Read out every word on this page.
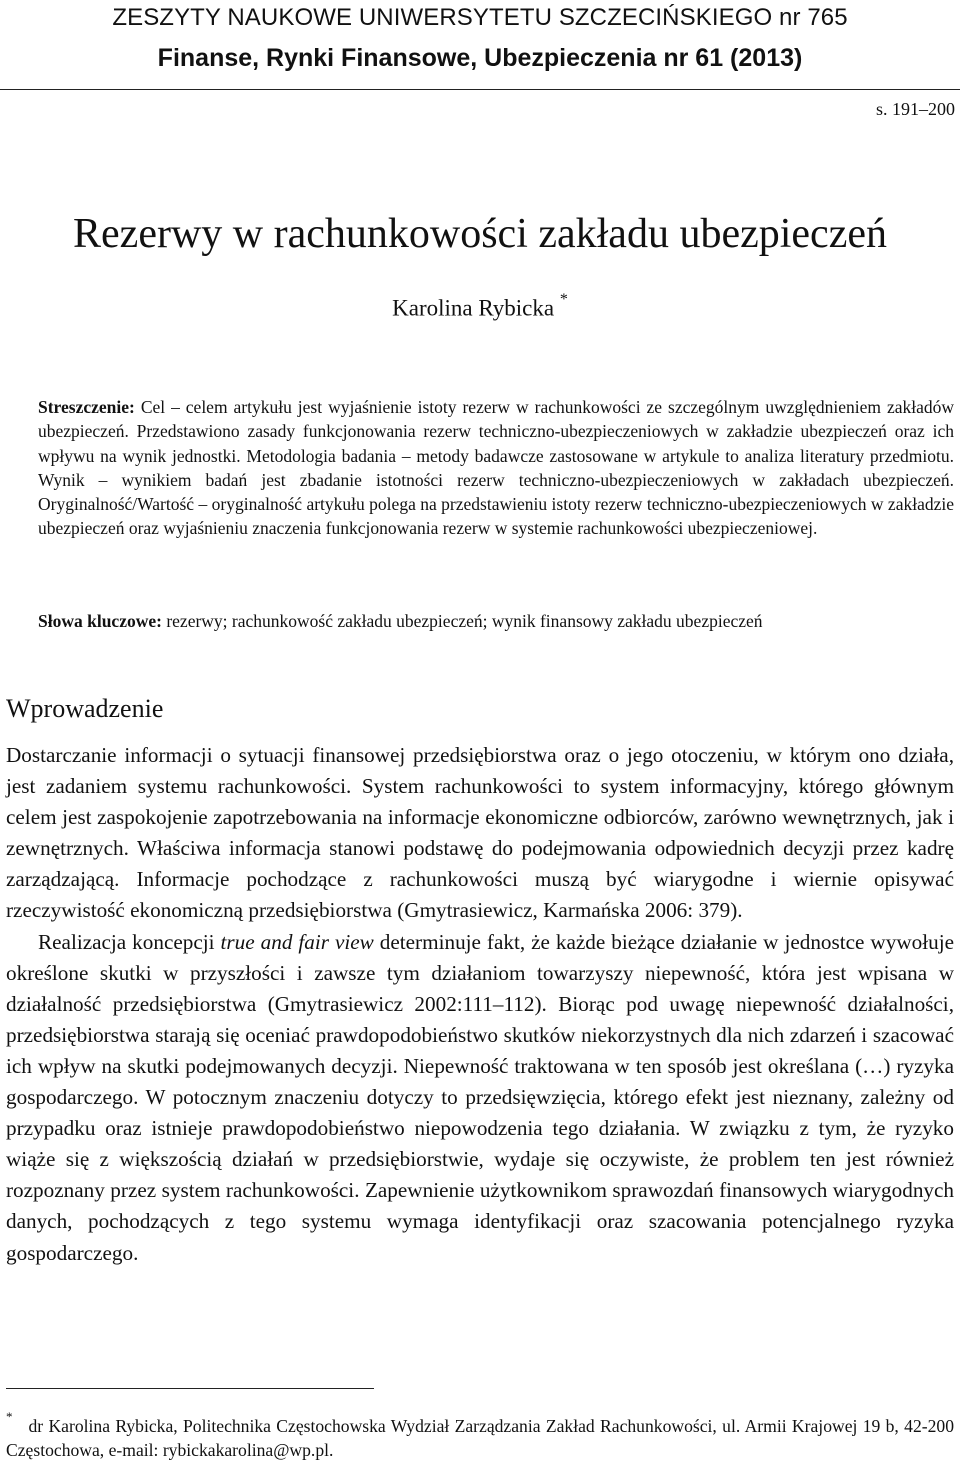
ZESZYTY NAUKOWE UNIWERSYTETU SZCZECIŃSKIEGO nr 765
Finanse, Rynki Finansowe, Ubezpieczenia nr 61 (2013)
s. 191–200
Rezerwy w rachunkowości zakładu ubezpieczeń
Karolina Rybicka *
Streszczenie: Cel – celem artykułu jest wyjaśnienie istoty rezerw w rachunkowości ze szczególnym uwzględnieniem zakładów ubezpieczeń. Przedstawiono zasady funkcjonowania rezerw techniczno-ubezpieczeniowych w zakładzie ubezpieczeń oraz ich wpływu na wynik jednostki. Metodologia badania – metody badawcze zastosowane w artykule to analiza literatury przedmiotu. Wynik – wynikiem badań jest zbadanie istotności rezerw techniczno-ubezpieczeniowych w zakładach ubezpieczeń. Oryginalność/Wartość – oryginalność artykułu polega na przedstawieniu istoty rezerw techniczno-ubezpieczeniowych w zakładzie ubezpieczeń oraz wyjaśnieniu znaczenia funkcjonowania rezerw w systemie rachunkowości ubezpieczeniowej.
Słowa kluczowe: rezerwy; rachunkowość zakładu ubezpieczeń; wynik finansowy zakładu ubezpieczeń
Wprowadzenie

Dostarczanie informacji o sytuacji finansowej przedsiębiorstwa oraz o jego otoczeniu, w którym ono działa, jest zadaniem systemu rachunkowości. System rachunkowości to system informacyjny, którego głównym celem jest zaspokojenie zapotrzebowania na informacje ekonomiczne odbiorców, zarówno wewnętrznych, jak i zewnętrznych. Właściwa informacja stanowi podstawę do podejmowania odpowiednich decyzji przez kadrę zarządzającą. Informacje pochodzące z rachunkowości muszą być wiarygodne i wiernie opisywać rzeczywistość ekonomiczną przedsiębiorstwa (Gmytrasiewicz, Karmańska 2006: 379).

Realizacja koncepcji true and fair view determinuje fakt, że każde bieżące działanie w jednostce wywołuje określone skutki w przyszłości i zawsze tym działaniom towarzyszy niepewność, która jest wpisana w działalność przedsiębiorstwa (Gmytrasiewicz 2002:111–112). Biorąc pod uwagę niepewność działalności, przedsiębiorstwa starają się oceniać prawdopodobieństwo skutków niekorzystnych dla nich zdarzeń i szacować ich wpływ na skutki podejmowanych decyzji. Niepewność traktowana w ten sposób jest określana (…) ryzyka gospodarczego. W potocznym znaczeniu dotyczy to przedsięwzięcia, którego efekt jest nieznany, zależny od przypadku oraz istnieje prawdopodobieństwo niepowodzenia tego działania. W związku z tym, że ryzyko wiąże się z większością działań w przedsiębiorstwie, wydaje się oczywiste, że problem ten jest również rozpoznany przez system rachunkowości. Zapewnienie użytkownikom sprawozdań finansowych wiarygodnych danych, pochodzących z tego systemu wymaga identyfikacji oraz szacowania potencjalnego ryzyka gospodarczego.

* dr Karolina Rybicka, Politechnika Częstochowska Wydział Zarządzania Zakład Rachunkowości, ul. Armii Krajowej 19 b, 42-200 Częstochowa, e-mail: rybickakarolina@wp.pl.
